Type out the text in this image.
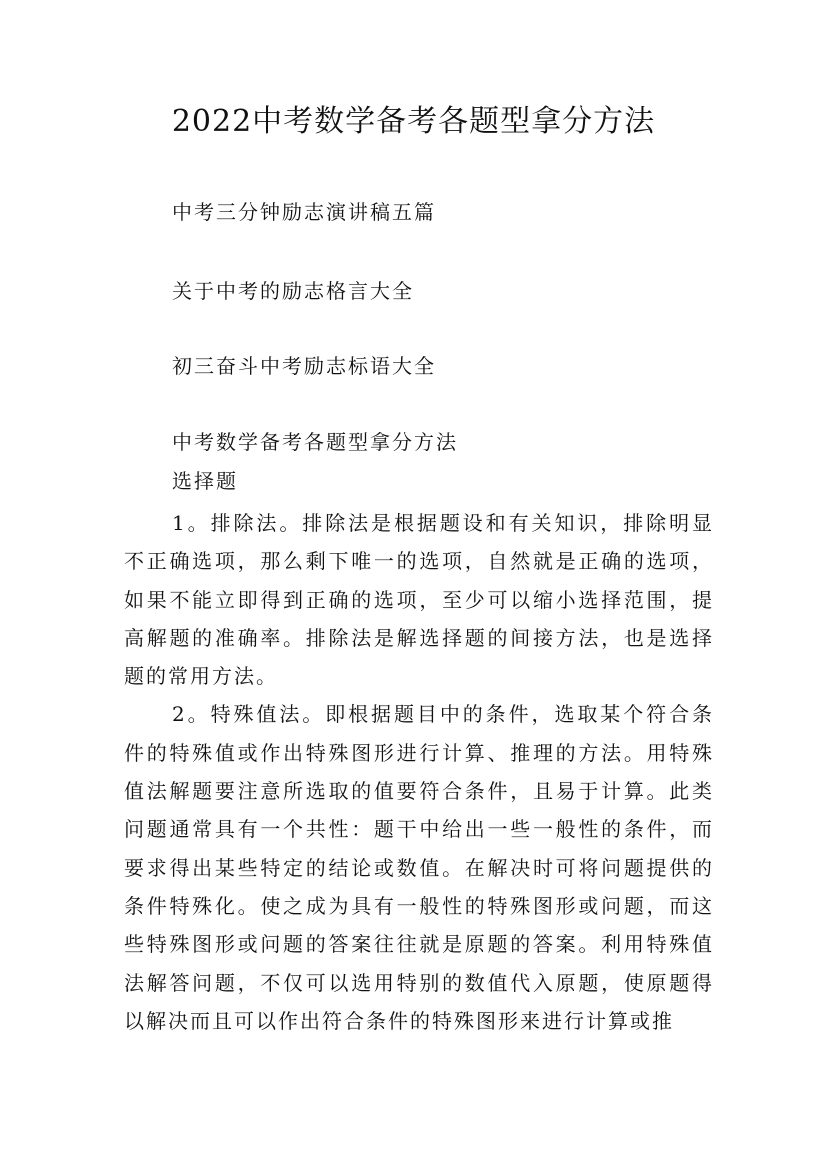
2022中考数学备考各题型拿分方法

中考三分钟励志演讲稿五篇

关于中考的励志格言大全

初三奋斗中考励志标语大全

中考数学备考各题型拿分方法

选择题

1。排除法。排除法是根据题设和有关知识，排除明显不正确选项，那么剩下唯一的选项，自然就是正确的选项，如果不能立即得到正确的选项，至少可以缩小选择范围，提高解题的准确率。排除法是解选择题的间接方法，也是选择题的常用方法。

2。特殊值法。即根据题目中的条件，选取某个符合条件的特殊值或作出特殊图形进行计算、推理的方法。用特殊值法解题要注意所选取的值要符合条件，且易于计算。此类问题通常具有一个共性：题干中给出一些一般性的条件，而要求得出某些特定的结论或数值。在解决时可将问题提供的条件特殊化。使之成为具有一般性的特殊图形或问题，而这些特殊图形或问题的答案往往就是原题的答案。利用特殊值法解答问题，不仅可以选用特别的数值代入原题，使原题得以解决而且可以作出符合条件的特殊图形来进行计算或推
